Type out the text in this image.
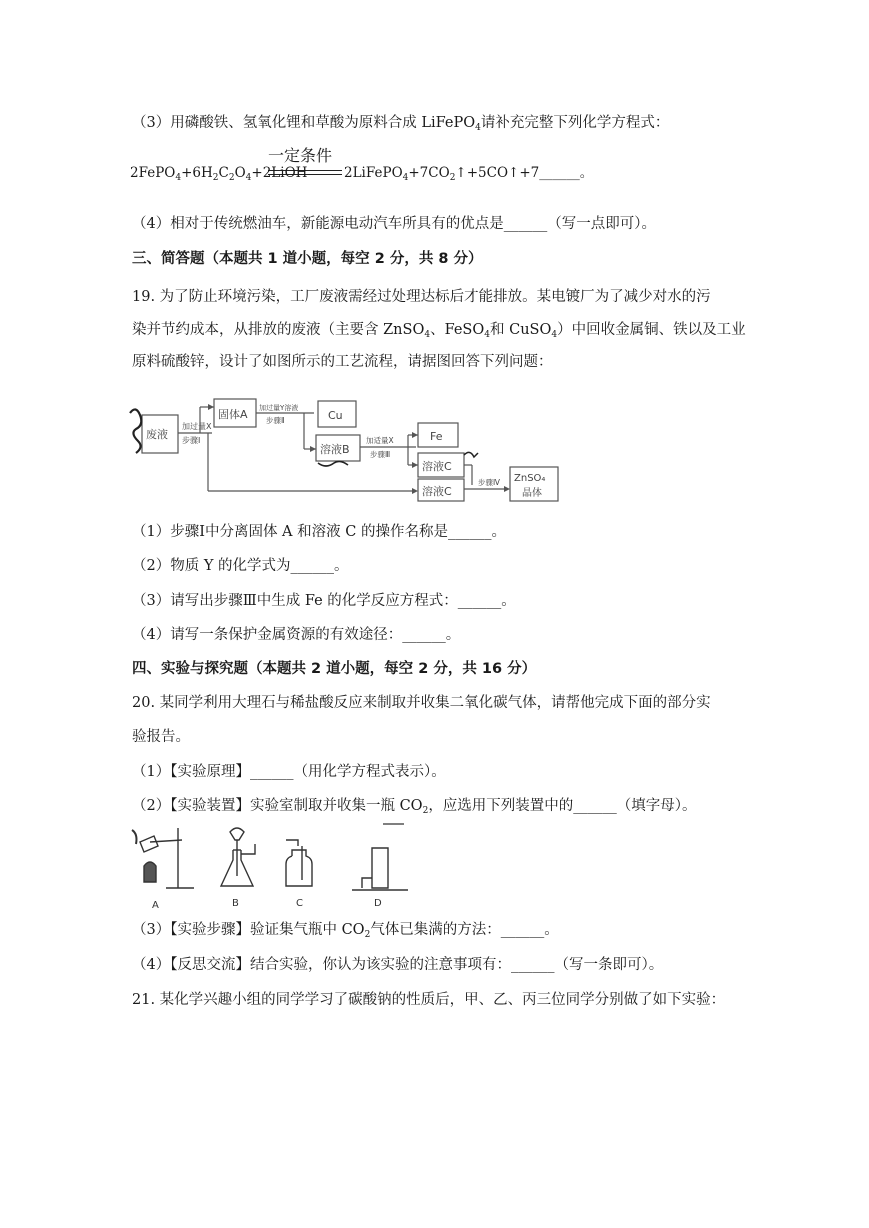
（3）用磷酸铁、氢氧化锂和草酸为原料合成 LiFePO$_4$请补充完整下列化学方程式：
一定条件
$2FePO_4+6H_2C_2O_4+2LiOH$	$2LiFePO_4+7CO_2↑+5CO↑+7\_\_\_\_\_\_$。
（4）相对于传统燃油车，新能源电动汽车所具有的优点是______（写一点即可）。
三、简答题（本题共 1 道小题，每空 2 分，共 8 分）
19. 为了防止环境污染，工厂废液需经过处理达标后才能排放。某电镀厂为了减少对水的污
染并节约成本，从排放的废液（主要含 ZnSO$_4$、FeSO$_4$和 CuSO$_4$）中回收金属铜、铁以及工业
原料硫酸锌，设计了如图所示的工艺流程，请据图回答下列问题：
废液
加过量X
步骤Ⅰ
固体A 加过量Y溶液
步骤Ⅱ	Cu
溶液B
加适量X
步骤Ⅲ
Fe
溶液C
溶液C
步骤Ⅳ ZnSO₄
晶体
（1）步骤Ⅰ中分离固体 A 和溶液 C 的操作名称是______。
（2）物质 Y 的化学式为______。
（3）请写出步骤Ⅲ中生成 Fe 的化学反应方程式：______。
（4）请写一条保护金属资源的有效途径：______。
四、实验与探究题（本题共 2 道小题，每空 2 分，共 16 分）
20. 某同学利用大理石与稀盐酸反应来制取并收集二氧化碳气体，请帮他完成下面的部分实
验报告。
（1）【实验原理】______（用化学方程式表示）。
（2）【实验装置】实验室制取并收集一瓶 $CO_2$，应选用下列装置中的______（填字母）。
A	B	C	D
（3）【实验步骤】验证集气瓶中 $CO_2$气体已集满的方法：______。
（4）【反思交流】结合实验，你认为该实验的注意事项有：______（写一条即可）。
21. 某化学兴趣小组的同学学习了碳酸钠的性质后，甲、乙、丙三位同学分别做了如下实验：
